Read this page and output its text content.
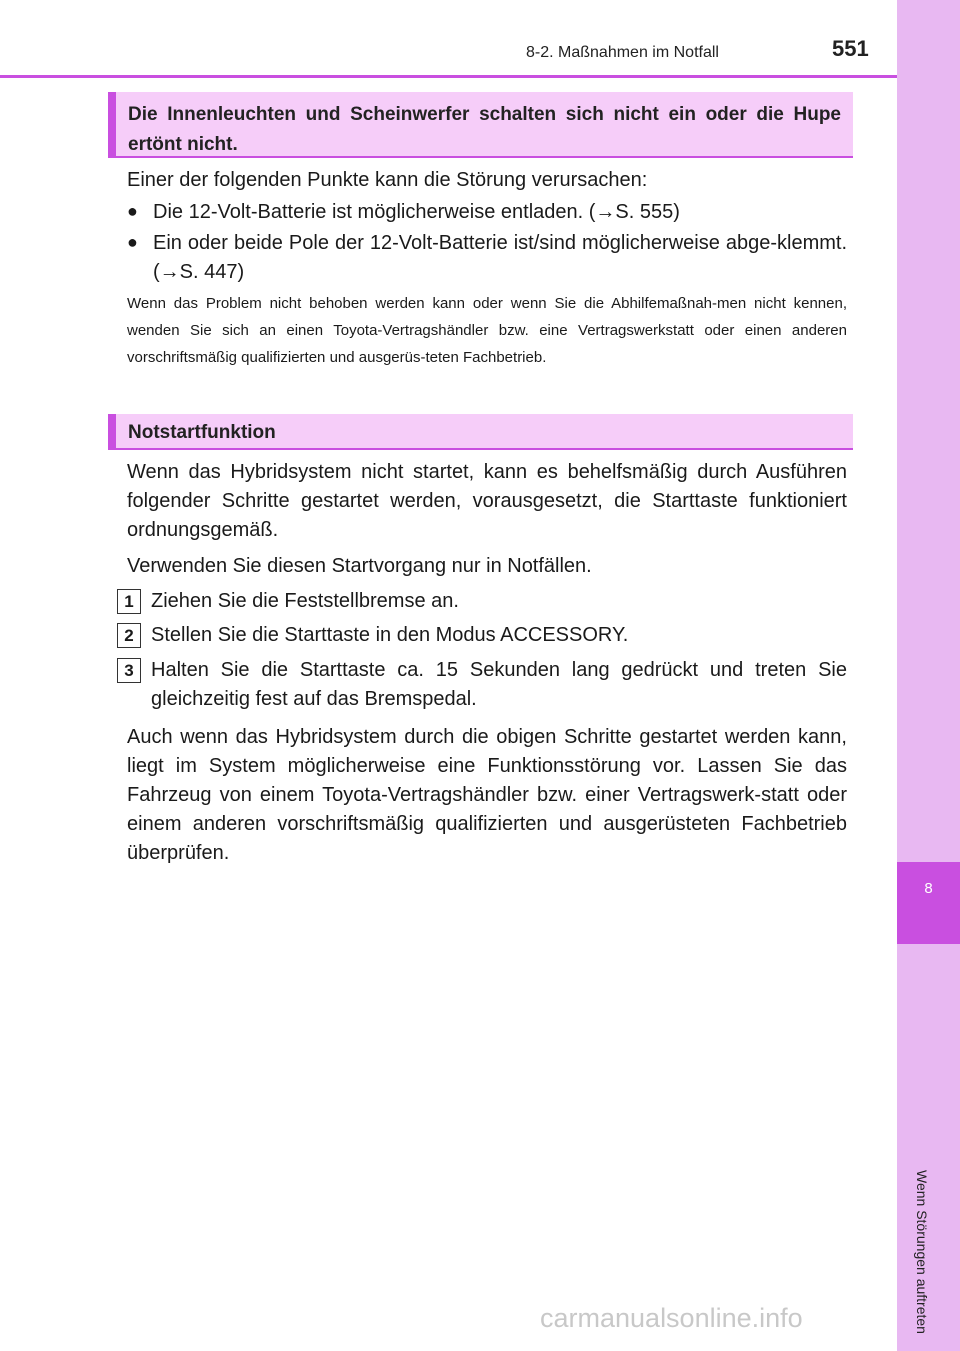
8-2. Maßnahmen im Notfall	551
8
Wenn Störungen auftreten
Die Innenleuchten und Scheinwerfer schalten sich nicht ein oder die Hupe ertönt nicht.
Einer der folgenden Punkte kann die Störung verursachen:
● Die 12-Volt-Batterie ist möglicherweise entladen. (→S. 555)
● Ein oder beide Pole der 12-Volt-Batterie ist/sind möglicherweise abge-klemmt. (→S. 447)
Wenn das Problem nicht behoben werden kann oder wenn Sie die Abhilfemaßnah-men nicht kennen, wenden Sie sich an einen Toyota-Vertragshändler bzw. eine Vertragswerkstatt oder einen anderen vorschriftsmäßig qualifizierten und ausgerüs-teten Fachbetrieb.
Notstartfunktion
Wenn das Hybridsystem nicht startet, kann es behelfsmäßig durch Ausführen folgender Schritte gestartet werden, vorausgesetzt, die Starttaste funktioniert ordnungsgemäß.
Verwenden Sie diesen Startvorgang nur in Notfällen.
1 Ziehen Sie die Feststellbremse an.
2 Stellen Sie die Starttaste in den Modus ACCESSORY.
3 Halten Sie die Starttaste ca. 15 Sekunden lang gedrückt und treten Sie gleichzeitig fest auf das Bremspedal.
Auch wenn das Hybridsystem durch die obigen Schritte gestartet werden kann, liegt im System möglicherweise eine Funktionsstörung vor. Lassen Sie das Fahrzeug von einem Toyota-Vertragshändler bzw. einer Vertragswerk-statt oder einem anderen vorschriftsmäßig qualifizierten und ausgerüsteten Fachbetrieb überprüfen.
carmanualsonline.info
